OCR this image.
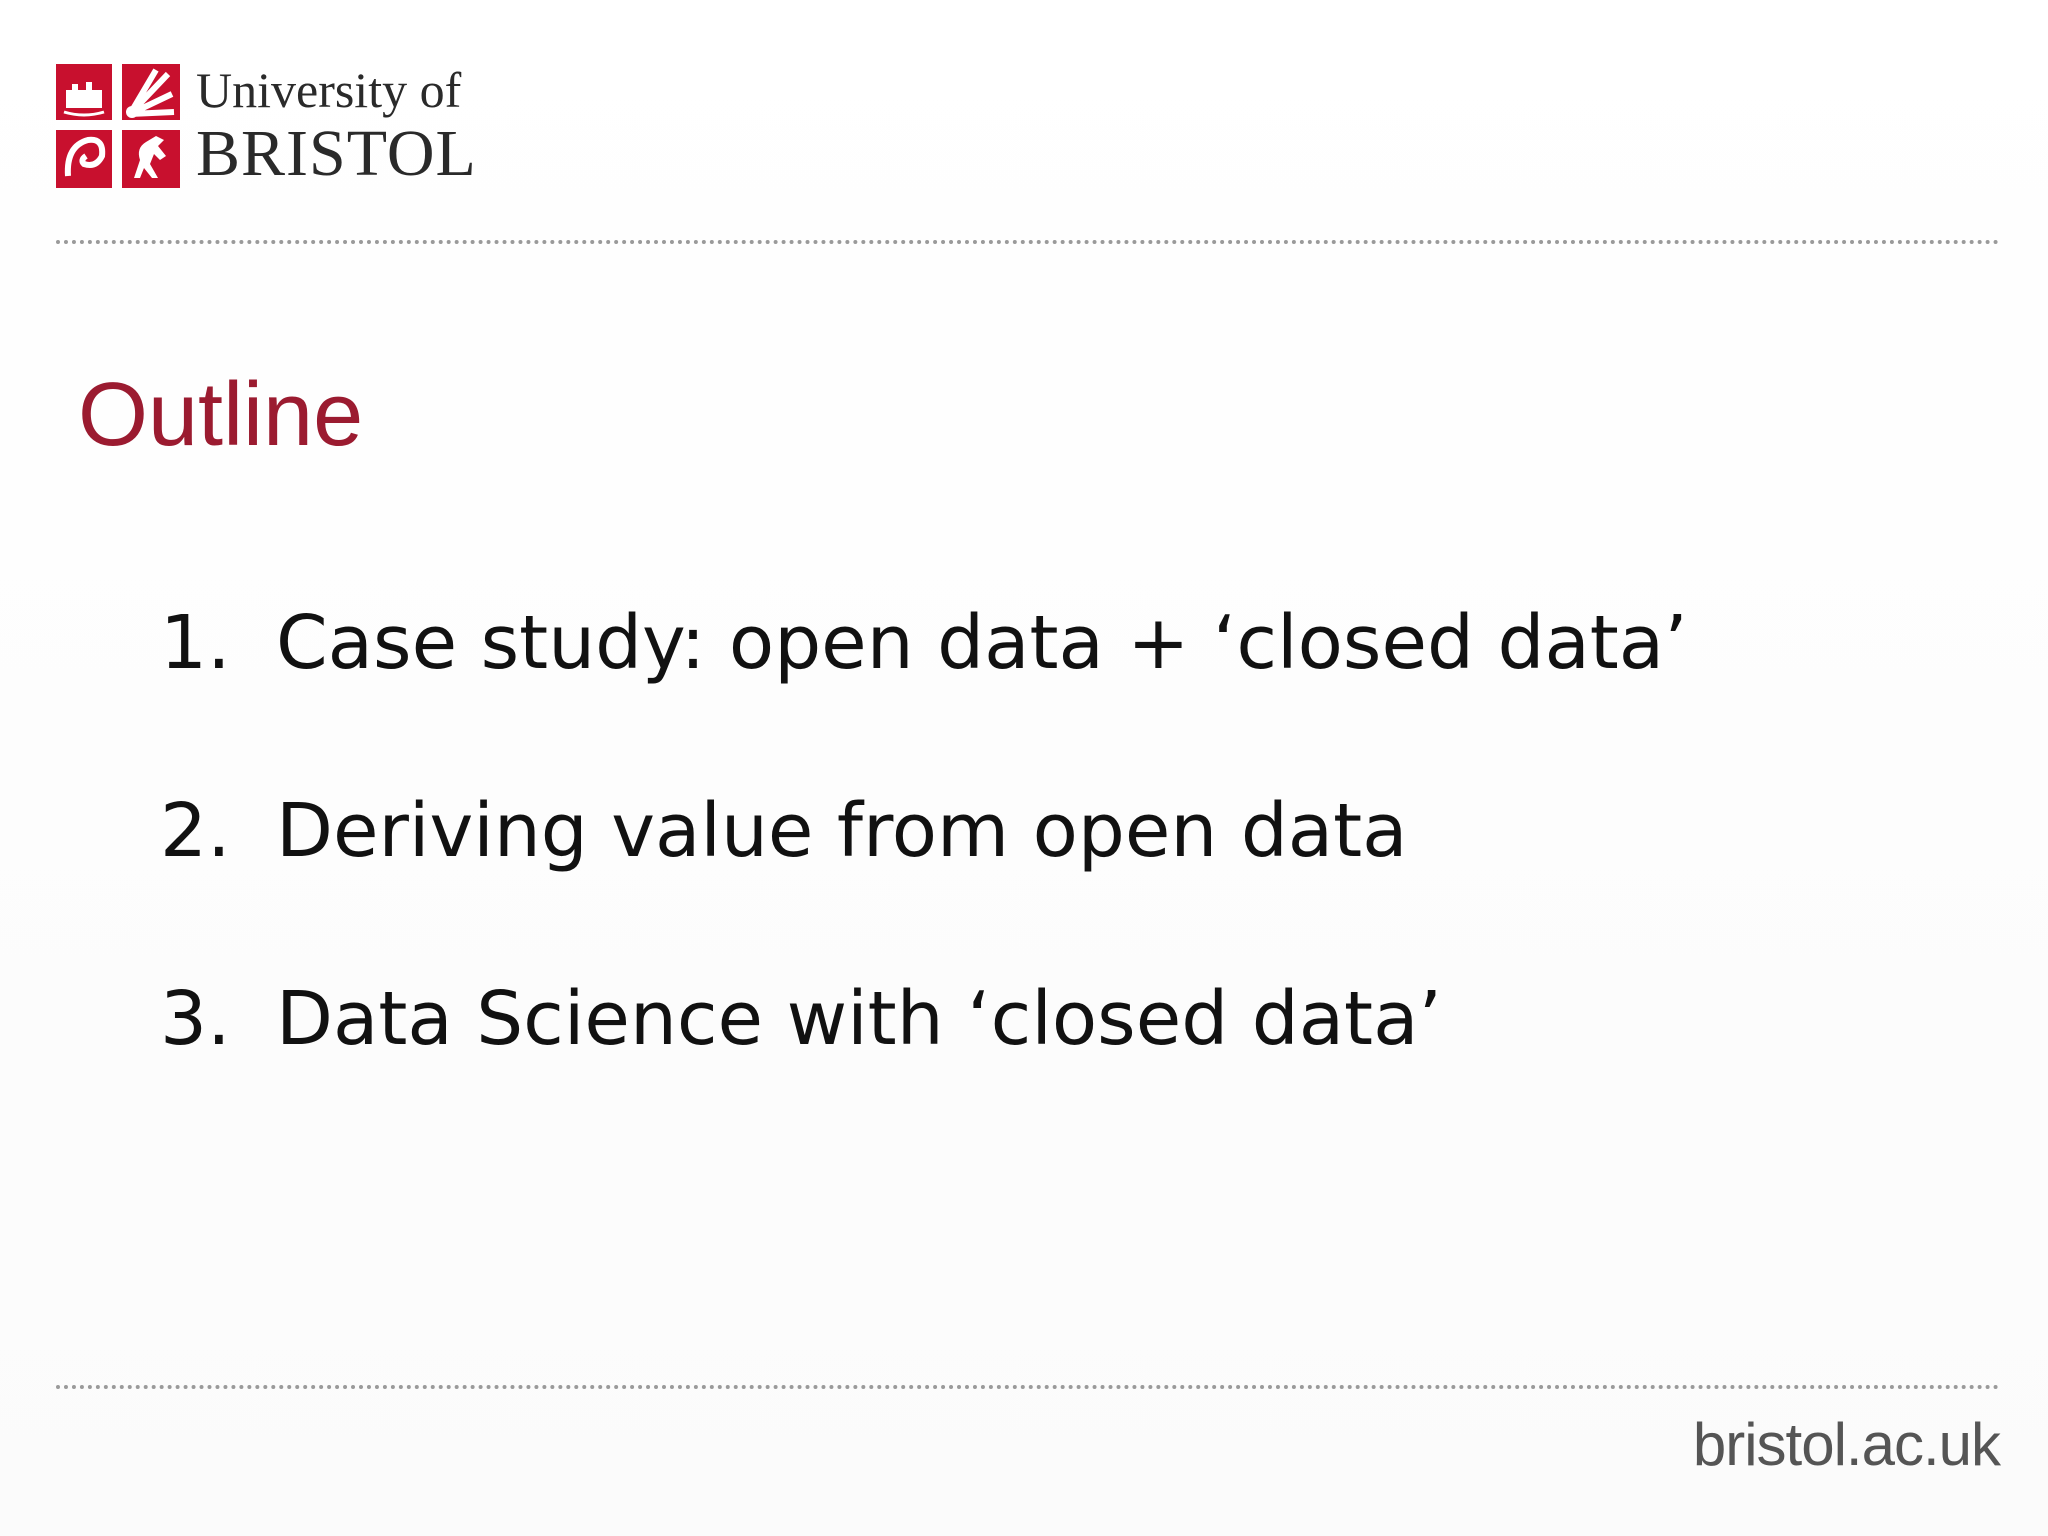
University of
BRISTOL
Outline
1. Case study: open data + ‘closed data’
2. Deriving value from open data
3. Data Science with ‘closed data’
bristol.ac.uk
